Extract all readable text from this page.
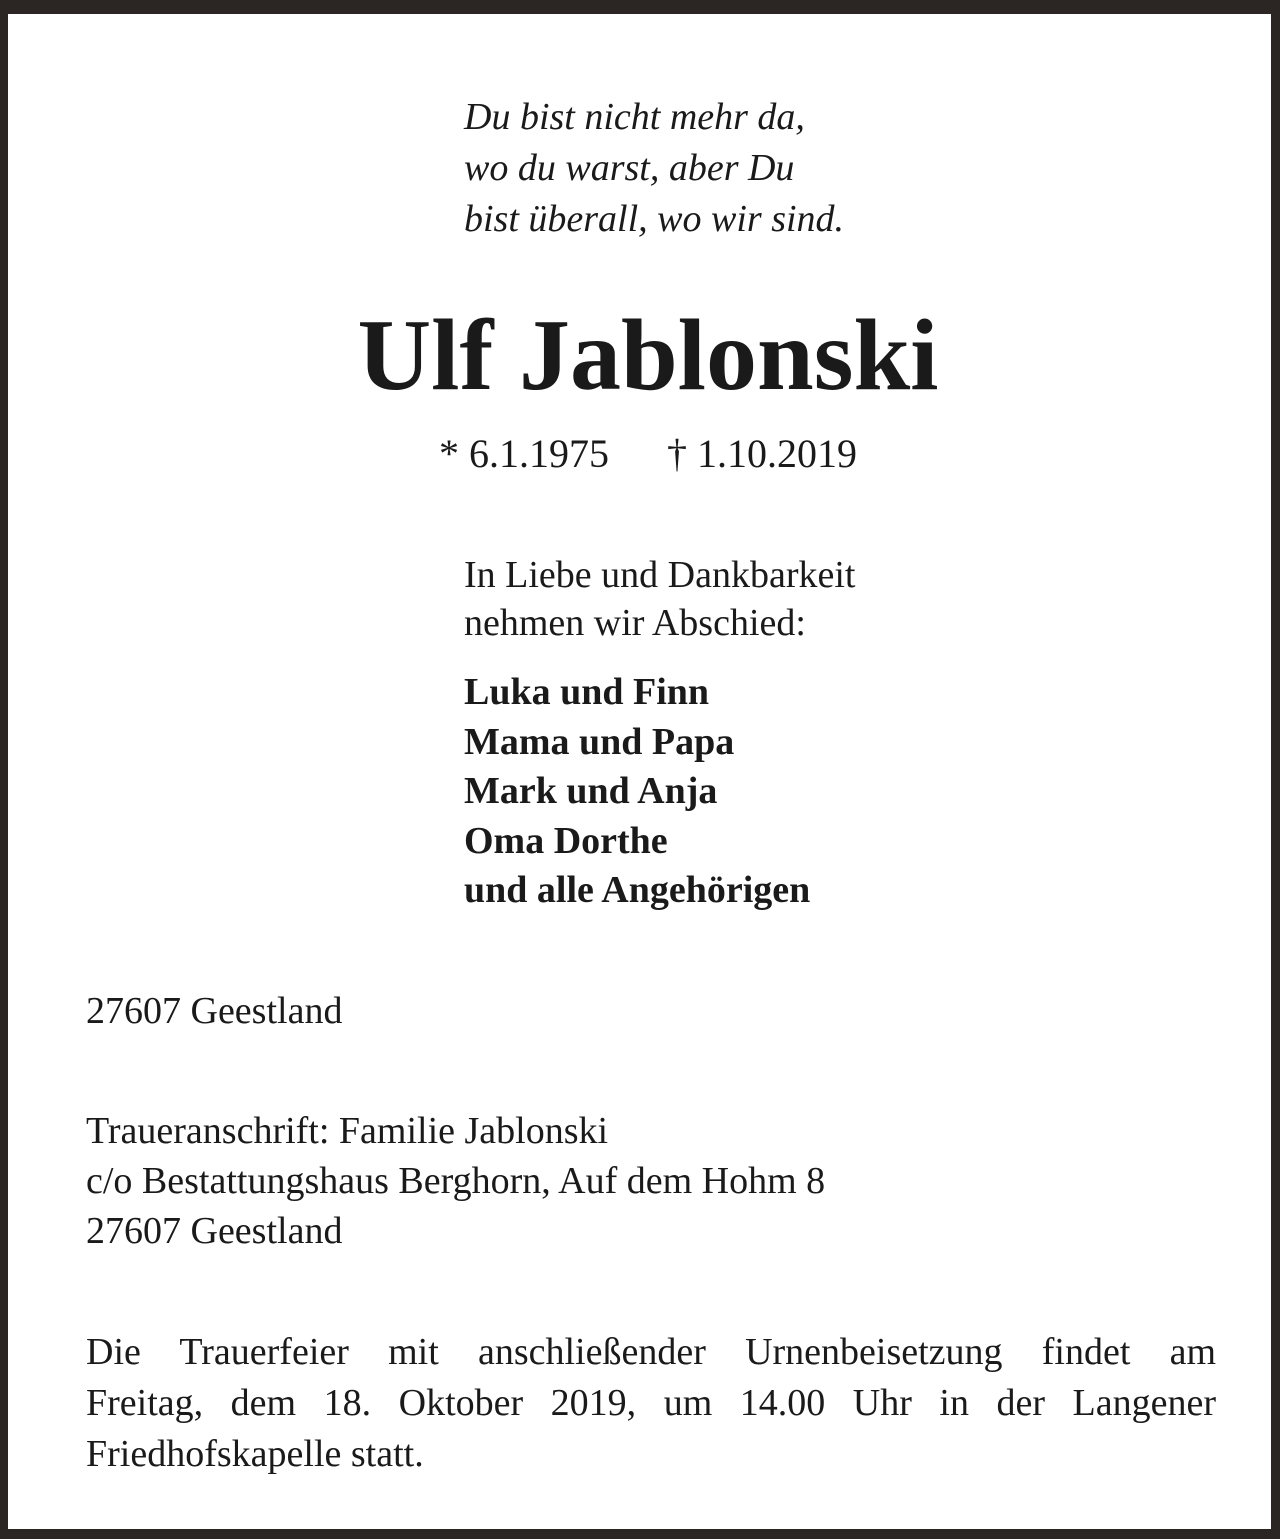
Du bist nicht mehr da,
wo du warst, aber Du
bist überall, wo wir sind.

Ulf Jablonski

* 6.1.1975 † 1.10.2019

In Liebe und Dankbarkeit
nehmen wir Abschied:

Luka und Finn
Mama und Papa
Mark und Anja
Oma Dorthe
und alle Angehörigen

27607 Geestland

Traueranschrift: Familie Jablonski
c/o Bestattungshaus Berghorn, Auf dem Hohm 8
27607 Geestland

Die Trauerfeier mit anschließender Urnenbeisetzung findet am
Freitag, dem 18. Oktober 2019, um 14.00 Uhr in der Langener
Friedhofskapelle statt.
